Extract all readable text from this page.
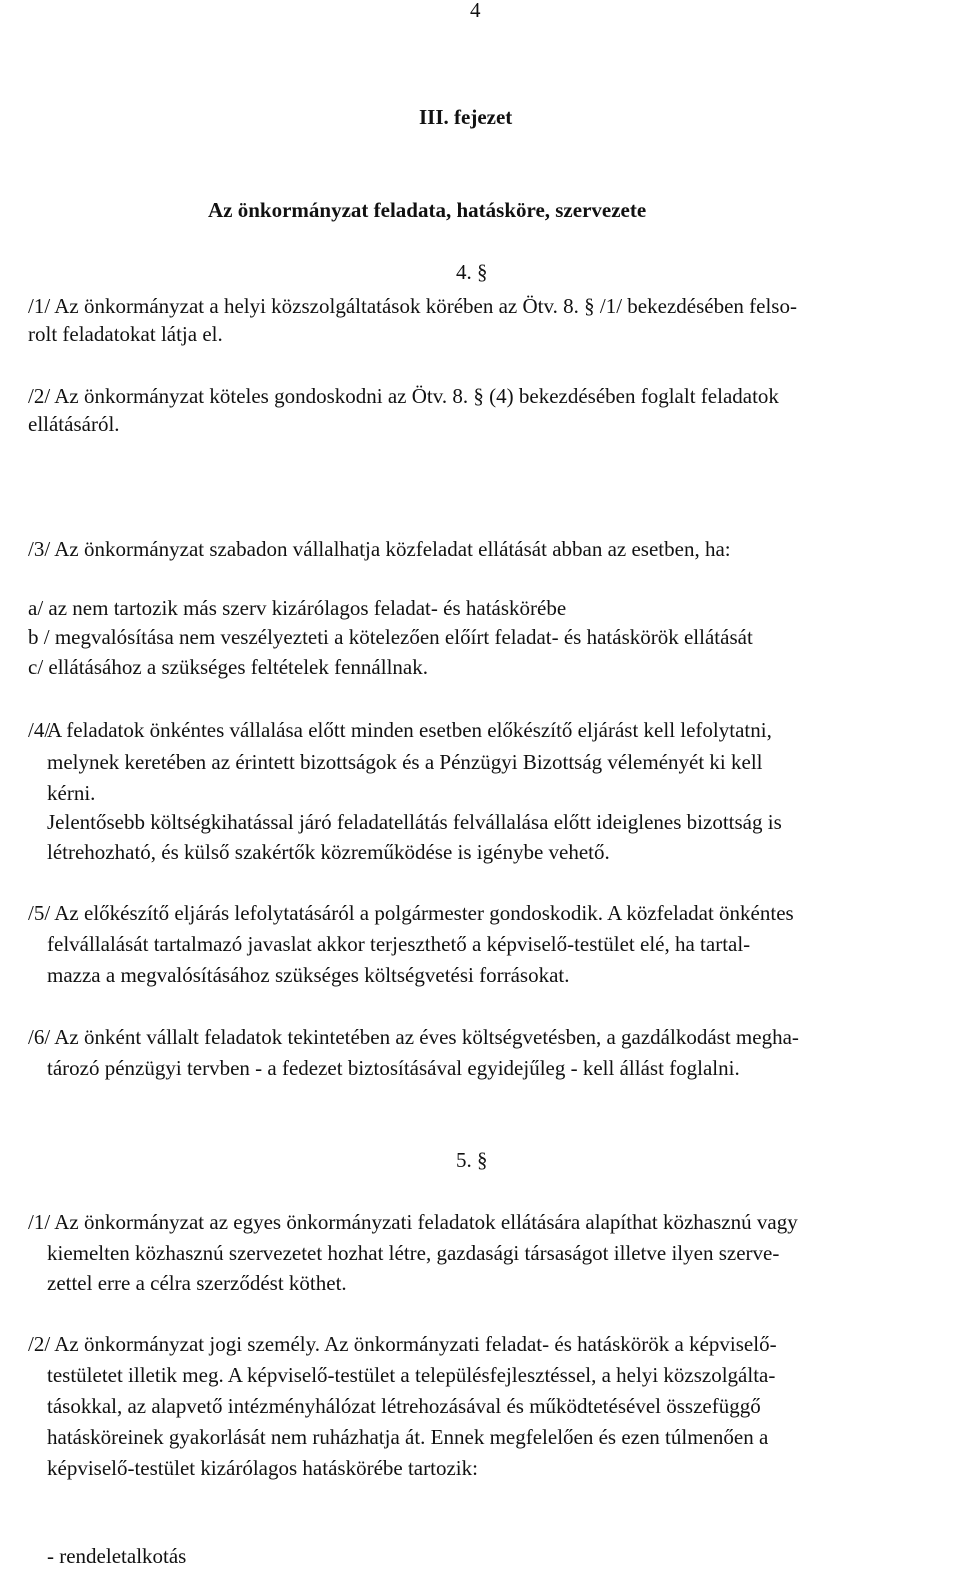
4
III. fejezet
Az önkormányzat feladata, hatásköre, szervezete
4. §
/1/ Az önkormányzat a helyi közszolgáltatások körében az Ötv. 8. § /1/ bekezdésében felso-
rolt feladatokat látja el.
/2/ Az önkormányzat köteles gondoskodni az Ötv. 8. § (4) bekezdésében foglalt feladatok
ellátásáról.
/3/ Az önkormányzat szabadon vállalhatja közfeladat ellátását abban az esetben, ha:
a/ az nem tartozik más szerv kizárólagos feladat- és hatáskörébe
b / megvalósítása nem veszélyezteti a kötelezően előírt feladat- és hatáskörök ellátását
c/ ellátásához a szükséges feltételek fennállnak.
/4/
A feladatok önkéntes vállalása előtt minden esetben előkészítő eljárást kell lefolytatni,
melynek keretében az érintett bizottságok és a Pénzügyi Bizottság véleményét ki kell
kérni.
Jelentősebb költségkihatással járó feladatellátás felvállalása előtt ideiglenes bizottság is
létrehozható, és külső szakértők közreműködése is igénybe vehető.
/5/ Az előkészítő eljárás lefolytatásáról a polgármester gondoskodik. A közfeladat önkéntes
felvállalását tartalmazó javaslat akkor terjeszthető a képviselő-testület elé, ha tartal-
mazza a megvalósításához szükséges költségvetési forrásokat.
/6/ Az önként vállalt feladatok tekintetében az éves költségvetésben, a gazdálkodást megha-
tározó pénzügyi tervben - a fedezet biztosításával egyidejűleg - kell állást foglalni.
5. §
/1/ Az önkormányzat az egyes önkormányzati feladatok ellátására alapíthat közhasznú vagy
kiemelten közhasznú szervezetet hozhat létre, gazdasági társaságot illetve ilyen szerve-
zettel erre a célra szerződést köthet.
/2/ Az önkormányzat jogi személy. Az önkormányzati feladat- és hatáskörök a képviselő-
testületet illetik meg. A képviselő-testület a településfejlesztéssel, a helyi közszolgálta-
tásokkal, az alapvető intézményhálózat létrehozásával és működtetésével összefüggő
hatásköreinek gyakorlását nem ruházhatja át. Ennek megfelelően és ezen túlmenően a
képviselő-testület kizárólagos hatáskörébe tartozik:
- rendeletalkotás
